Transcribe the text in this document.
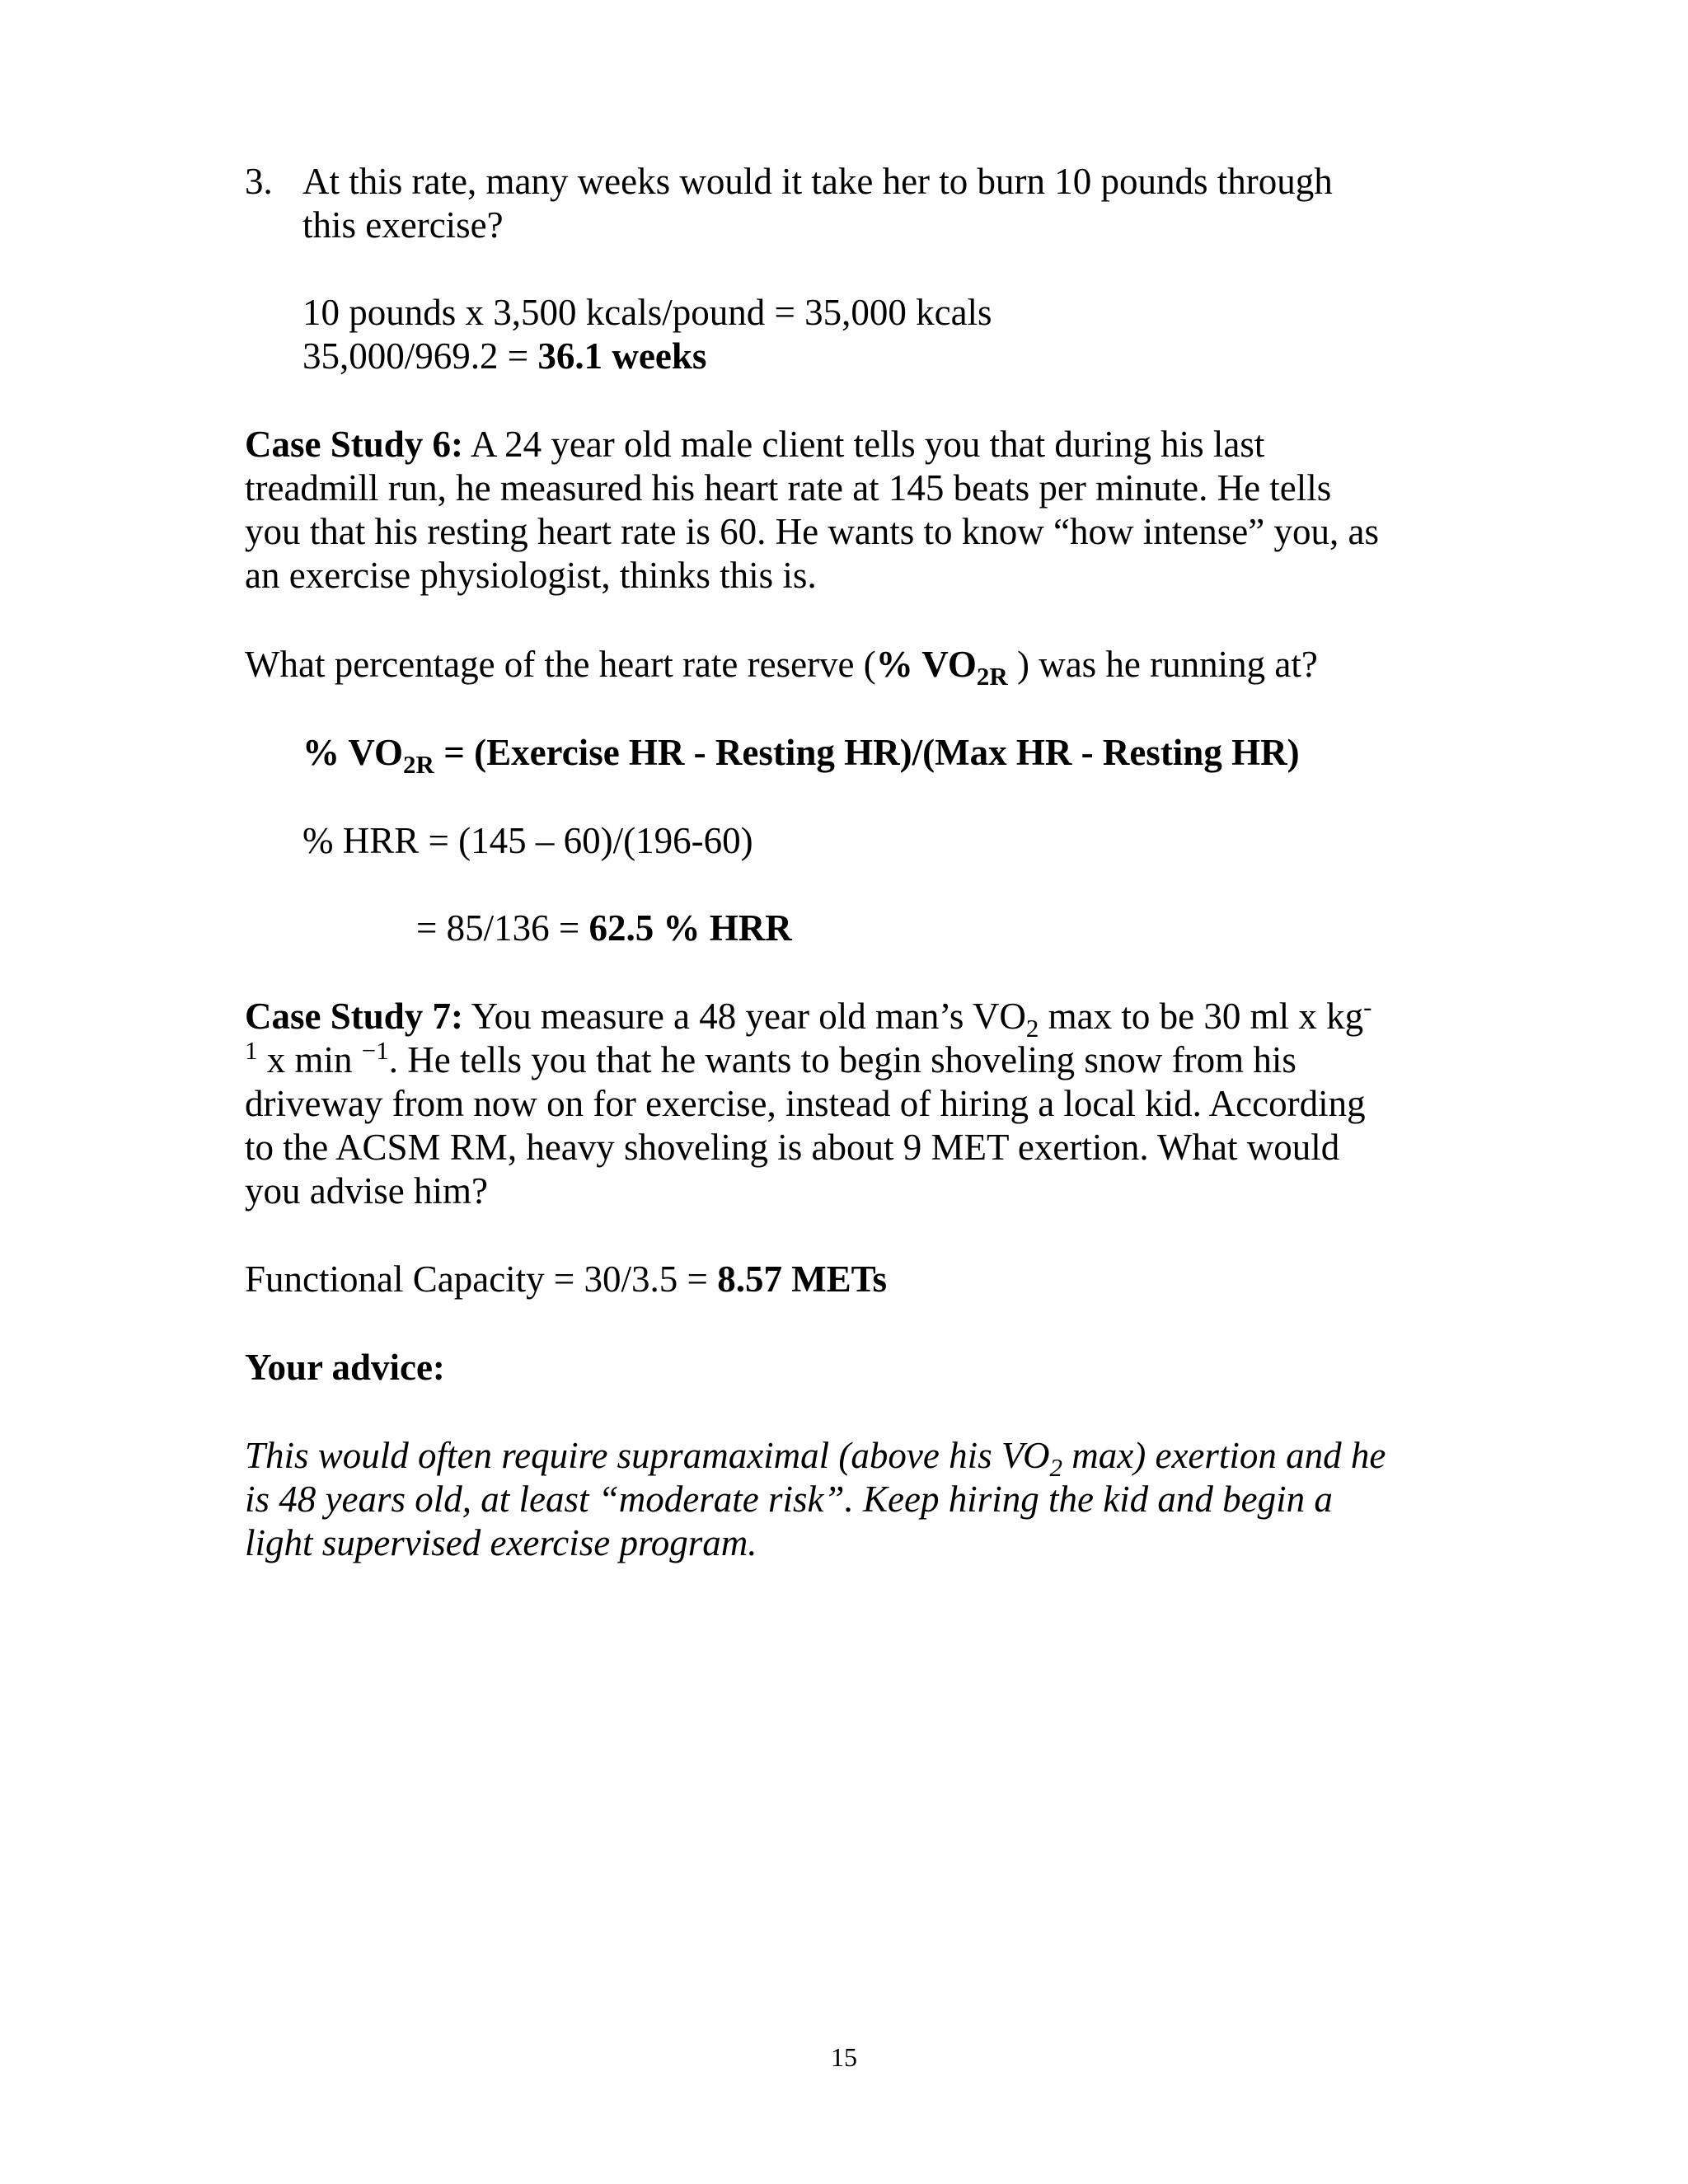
3. At this rate, many weeks would it take her to burn 10 pounds through
this exercise?
10 pounds x 3,500 kcals/pound = 35,000 kcals
35,000/969.2 = 36.1 weeks
Case Study 6: A 24 year old male client tells you that during his last
treadmill run, he measured his heart rate at 145 beats per minute. He tells
you that his resting heart rate is 60. He wants to know “how intense” you, as
an exercise physiologist, thinks this is.
What percentage of the heart rate reserve (% $VO_{2R}$ ) was he running at?
% $VO_{2R}$ = (Exercise HR - Resting HR)/(Max HR - Resting HR)
% HRR = (145 – 60)/(196-60)
= 85/136 = 62.5 % HRR
Case Study 7: You measure a 48 year old man’s $VO_2$ max to be 30 ml x kg-
$^1$ x min $^{-1}$. He tells you that he wants to begin shoveling snow from his
driveway from now on for exercise, instead of hiring a local kid. According
to the ACSM RM, heavy shoveling is about 9 MET exertion. What would
you advise him?
Functional Capacity = 30/3.5 = 8.57 METs
Your advice:
This would often require supramaximal (above his $VO_2$ max) exertion and he
is 48 years old, at least “moderate risk”. Keep hiring the kid and begin a
light supervised exercise program.
15
